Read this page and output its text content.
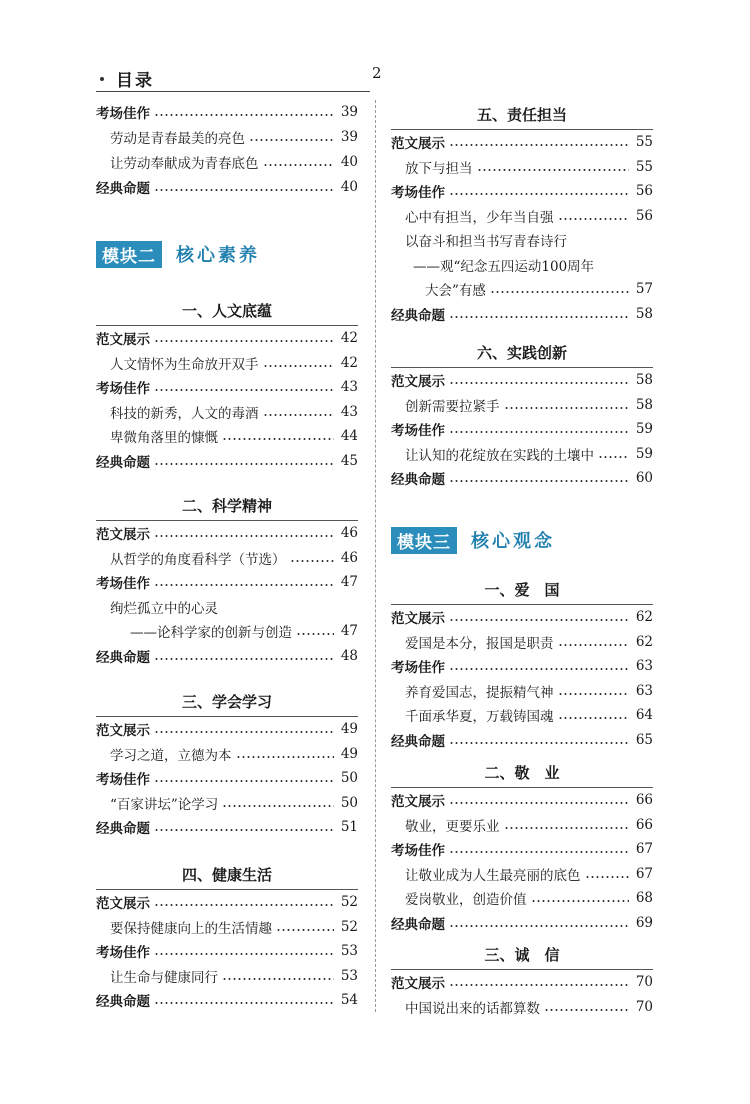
目录	2
考场佳作	39
劳动是青春最美的亮色	39
让劳动奉献成为青春底色	40
经典命题	40
模块二	核心素养
一、人文底蕴
范文展示	42
人文情怀为生命放开双手	42
考场佳作	43
科技的新秀，人文的毒酒	43
卑微角落里的慷慨	44
经典命题	45
二、科学精神
范文展示	46
从哲学的角度看科学（节选）	46
考场佳作	47
绚烂孤立中的心灵
——论科学家的创新与创造	47
经典命题	48
三、学会学习
范文展示	49
学习之道，立德为本	49
考场佳作	50
“百家讲坛”论学习	50
经典命题	51
四、健康生活
范文展示	52
要保持健康向上的生活情趣	52
考场佳作	53
让生命与健康同行	53
经典命题	54
五、责任担当
范文展示	55
放下与担当	55
考场佳作	56
心中有担当，少年当自强	56
以奋斗和担当书写青春诗行
——观“纪念五四运动100周年
大会”有感	57
经典命题	58
六、实践创新
范文展示	58
创新需要拉紧手	58
考场佳作	59
让认知的花绽放在实践的土壤中	59
经典命题	60
模块三	核心观念
一、爱　国
范文展示	62
爱国是本分，报国是职责	62
考场佳作	63
养育爱国志，提振精气神	63
千面承华夏，万载铸国魂	64
经典命题	65
二、敬　业
范文展示	66
敬业，更要乐业	66
考场佳作	67
让敬业成为人生最亮丽的底色	67
爱岗敬业，创造价值	68
经典命题	69
三、诚　信
范文展示	70
中国说出来的话都算数	70
